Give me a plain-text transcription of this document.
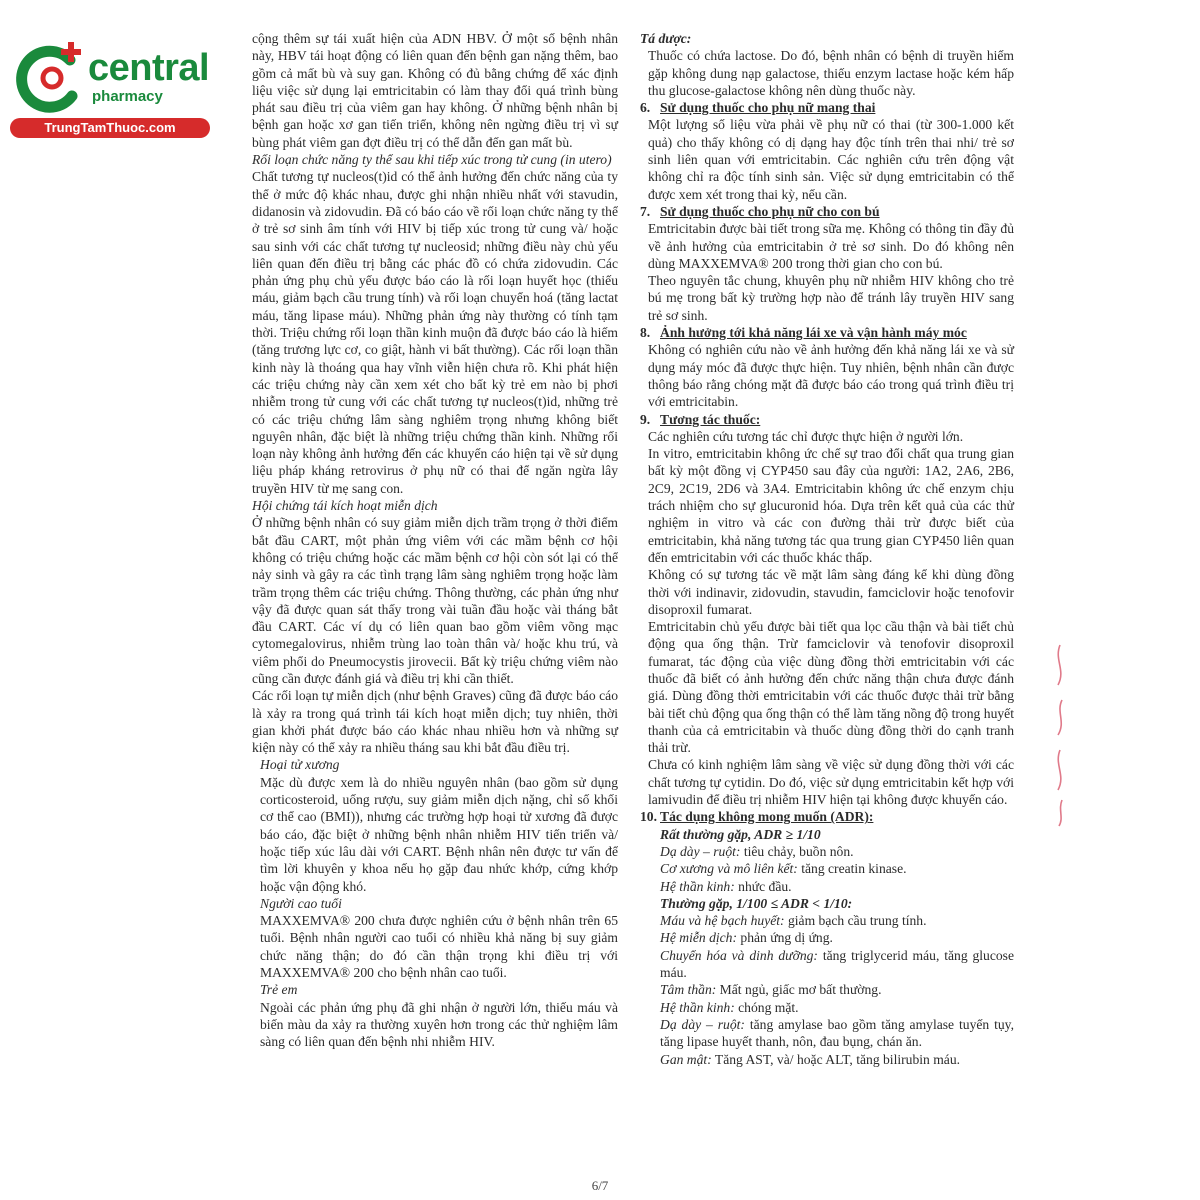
central
pharmacy
TrungTamThuoc.com

cộng thêm sự tái xuất hiện của ADN HBV. Ở một số bệnh nhân này, HBV tái hoạt động có liên quan đến bệnh gan nặng thêm, bao gồm cả mất bù và suy gan. Không có đủ bằng chứng để xác định liệu việc sử dụng lại emtricitabin có làm thay đổi quá trình bùng phát sau điều trị của viêm gan hay không. Ở những bệnh nhân bị bệnh gan hoặc xơ gan tiến triển, không nên ngừng điều trị vì sự bùng phát viêm gan đợt điều trị có thể dẫn đến gan mất bù.

Rối loạn chức năng ty thể sau khi tiếp xúc trong tử cung (in utero)

Chất tương tự nucleos(t)id có thể ảnh hưởng đến chức năng của ty thể ở mức độ khác nhau, được ghi nhận nhiều nhất với stavudin, didanosin và zidovudin. Đã có báo cáo về rối loạn chức năng ty thể ở trẻ sơ sinh âm tính với HIV bị tiếp xúc trong tử cung và/ hoặc sau sinh với các chất tương tự nucleosid; những điều này chủ yếu liên quan đến điều trị bằng các phác đồ có chứa zidovudin. Các phản ứng phụ chủ yếu được báo cáo là rối loạn huyết học (thiếu máu, giảm bạch cầu trung tính) và rối loạn chuyển hoá (tăng lactat máu, tăng lipase máu). Những phản ứng này thường có tính tạm thời. Triệu chứng rối loạn thần kinh muộn đã được báo cáo là hiếm (tăng trương lực cơ, co giật, hành vi bất thường). Các rối loạn thần kinh này là thoáng qua hay vĩnh viễn hiện chưa rõ. Khi phát hiện các triệu chứng này cần xem xét cho bất kỳ trẻ em nào bị phơi nhiễm trong tử cung với các chất tương tự nucleos(t)id, những trẻ có các triệu chứng lâm sàng nghiêm trọng nhưng không biết nguyên nhân, đặc biệt là những triệu chứng thần kinh. Những rối loạn này không ảnh hưởng đến các khuyến cáo hiện tại về sử dụng liệu pháp kháng retrovirus ở phụ nữ có thai để ngăn ngừa lây truyền HIV từ mẹ sang con.

Hội chứng tái kích hoạt miễn dịch

Ở những bệnh nhân có suy giảm miễn dịch trầm trọng ở thời điểm bắt đầu CART, một phản ứng viêm với các mầm bệnh cơ hội không có triệu chứng hoặc các mầm bệnh cơ hội còn sót lại có thể nảy sinh và gây ra các tình trạng lâm sàng nghiêm trọng hoặc làm trầm trọng thêm các triệu chứng. Thông thường, các phản ứng như vậy đã được quan sát thấy trong vài tuần đầu hoặc vài tháng bắt đầu CART. Các ví dụ có liên quan bao gồm viêm võng mạc cytomegalovirus, nhiễm trùng lao toàn thân và/ hoặc khu trú, và viêm phổi do Pneumocystis jirovecii. Bất kỳ triệu chứng viêm nào cũng cần được đánh giá và điều trị khi cần thiết.

Các rối loạn tự miễn dịch (như bệnh Graves) cũng đã được báo cáo là xảy ra trong quá trình tái kích hoạt miễn dịch; tuy nhiên, thời gian khởi phát được báo cáo khác nhau nhiều hơn và những sự kiện này có thể xảy ra nhiều tháng sau khi bắt đầu điều trị.

Hoại tử xương

Mặc dù được xem là do nhiều nguyên nhân (bao gồm sử dụng corticosteroid, uống rượu, suy giảm miễn dịch nặng, chỉ số khối cơ thể cao (BMI)), nhưng các trường hợp hoại tử xương đã được báo cáo, đặc biệt ở những bệnh nhân nhiễm HIV tiến triển và/ hoặc tiếp xúc lâu dài với CART. Bệnh nhân nên được tư vấn để tìm lời khuyên y khoa nếu họ gặp đau nhức khớp, cứng khớp hoặc vận động khó.

Người cao tuổi

MAXXEMVA® 200 chưa được nghiên cứu ở bệnh nhân trên 65 tuổi. Bệnh nhân người cao tuổi có nhiều khả năng bị suy giảm chức năng thận; do đó cần thận trọng khi điều trị với MAXXEMVA® 200 cho bệnh nhân cao tuổi.

Trẻ em

Ngoài các phản ứng phụ đã ghi nhận ở người lớn, thiếu máu và biến màu da xảy ra thường xuyên hơn trong các thử nghiệm lâm sàng có liên quan đến bệnh nhi nhiễm HIV.

Tá dược:

Thuốc có chứa lactose. Do đó, bệnh nhân có bệnh di truyền hiếm gặp không dung nạp galactose, thiếu enzym lactase hoặc kém hấp thu glucose-galactose không nên dùng thuốc này.

6. Sử dụng thuốc cho phụ nữ mang thai

Một lượng số liệu vừa phải về phụ nữ có thai (từ 300-1.000 kết quả) cho thấy không có dị dạng hay độc tính trên thai nhi/ trẻ sơ sinh liên quan với emtricitabin. Các nghiên cứu trên động vật không chỉ ra độc tính sinh sản. Việc sử dụng emtricitabin có thể được xem xét trong thai kỳ, nếu cần.

7. Sử dụng thuốc cho phụ nữ cho con bú

Emtricitabin được bài tiết trong sữa mẹ. Không có thông tin đầy đủ về ảnh hưởng của emtricitabin ở trẻ sơ sinh. Do đó không nên dùng MAXXEMVA® 200 trong thời gian cho con bú.

Theo nguyên tắc chung, khuyên phụ nữ nhiễm HIV không cho trẻ bú mẹ trong bất kỳ trường hợp nào để tránh lây truyền HIV sang trẻ sơ sinh.

8. Ảnh hưởng tới khả năng lái xe và vận hành máy móc

Không có nghiên cứu nào về ảnh hưởng đến khả năng lái xe và sử dụng máy móc đã được thực hiện. Tuy nhiên, bệnh nhân cần được thông báo rằng chóng mặt đã được báo cáo trong quá trình điều trị với emtricitabin.

9. Tương tác thuốc:

Các nghiên cứu tương tác chỉ được thực hiện ở người lớn.

In vitro, emtricitabin không ức chế sự trao đổi chất qua trung gian bất kỳ một đồng vị CYP450 sau đây của người: 1A2, 2A6, 2B6, 2C9, 2C19, 2D6 và 3A4. Emtricitabin không ức chế enzym chịu trách nhiệm cho sự glucuronid hóa. Dựa trên kết quả của các thử nghiệm in vitro và các con đường thải trừ được biết của emtricitabin, khả năng tương tác qua trung gian CYP450 liên quan đến emtricitabin với các thuốc khác thấp.

Không có sự tương tác về mặt lâm sàng đáng kể khi dùng đồng thời với indinavir, zidovudin, stavudin, famciclovir hoặc tenofovir disoproxil fumarat.

Emtricitabin chủ yếu được bài tiết qua lọc cầu thận và bài tiết chủ động qua ống thận. Trừ famciclovir và tenofovir disoproxil fumarat, tác động của việc dùng đồng thời emtricitabin với các thuốc đã biết có ảnh hưởng đến chức năng thận chưa được đánh giá. Dùng đồng thời emtricitabin với các thuốc được thải trừ bằng bài tiết chủ động qua ống thận có thể làm tăng nồng độ trong huyết thanh của cả emtricitabin và thuốc dùng đồng thời do cạnh tranh thải trừ.

Chưa có kinh nghiệm lâm sàng về việc sử dụng đồng thời với các chất tương tự cytidin. Do đó, việc sử dụng emtricitabin kết hợp với lamivudin để điều trị nhiễm HIV hiện tại không được khuyến cáo.

10. Tác dụng không mong muốn (ADR):

Rất thường gặp, ADR ≥ 1/10

Dạ dày – ruột: tiêu chảy, buồn nôn.

Cơ xương và mô liên kết: tăng creatin kinase.

Hệ thần kinh: nhức đầu.

Thường gặp, 1/100 ≤ ADR < 1/10:

Máu và hệ bạch huyết: giảm bạch cầu trung tính.

Hệ miễn dịch: phản ứng dị ứng.

Chuyển hóa và dinh dưỡng: tăng triglycerid máu, tăng glucose máu.

Tâm thần: Mất ngủ, giấc mơ bất thường.

Hệ thần kinh: chóng mặt.

Dạ dày – ruột: tăng amylase bao gồm tăng amylase tuyến tụy, tăng lipase huyết thanh, nôn, đau bụng, chán ăn.

Gan mật: Tăng AST, và/ hoặc ALT, tăng bilirubin máu.

6/7
